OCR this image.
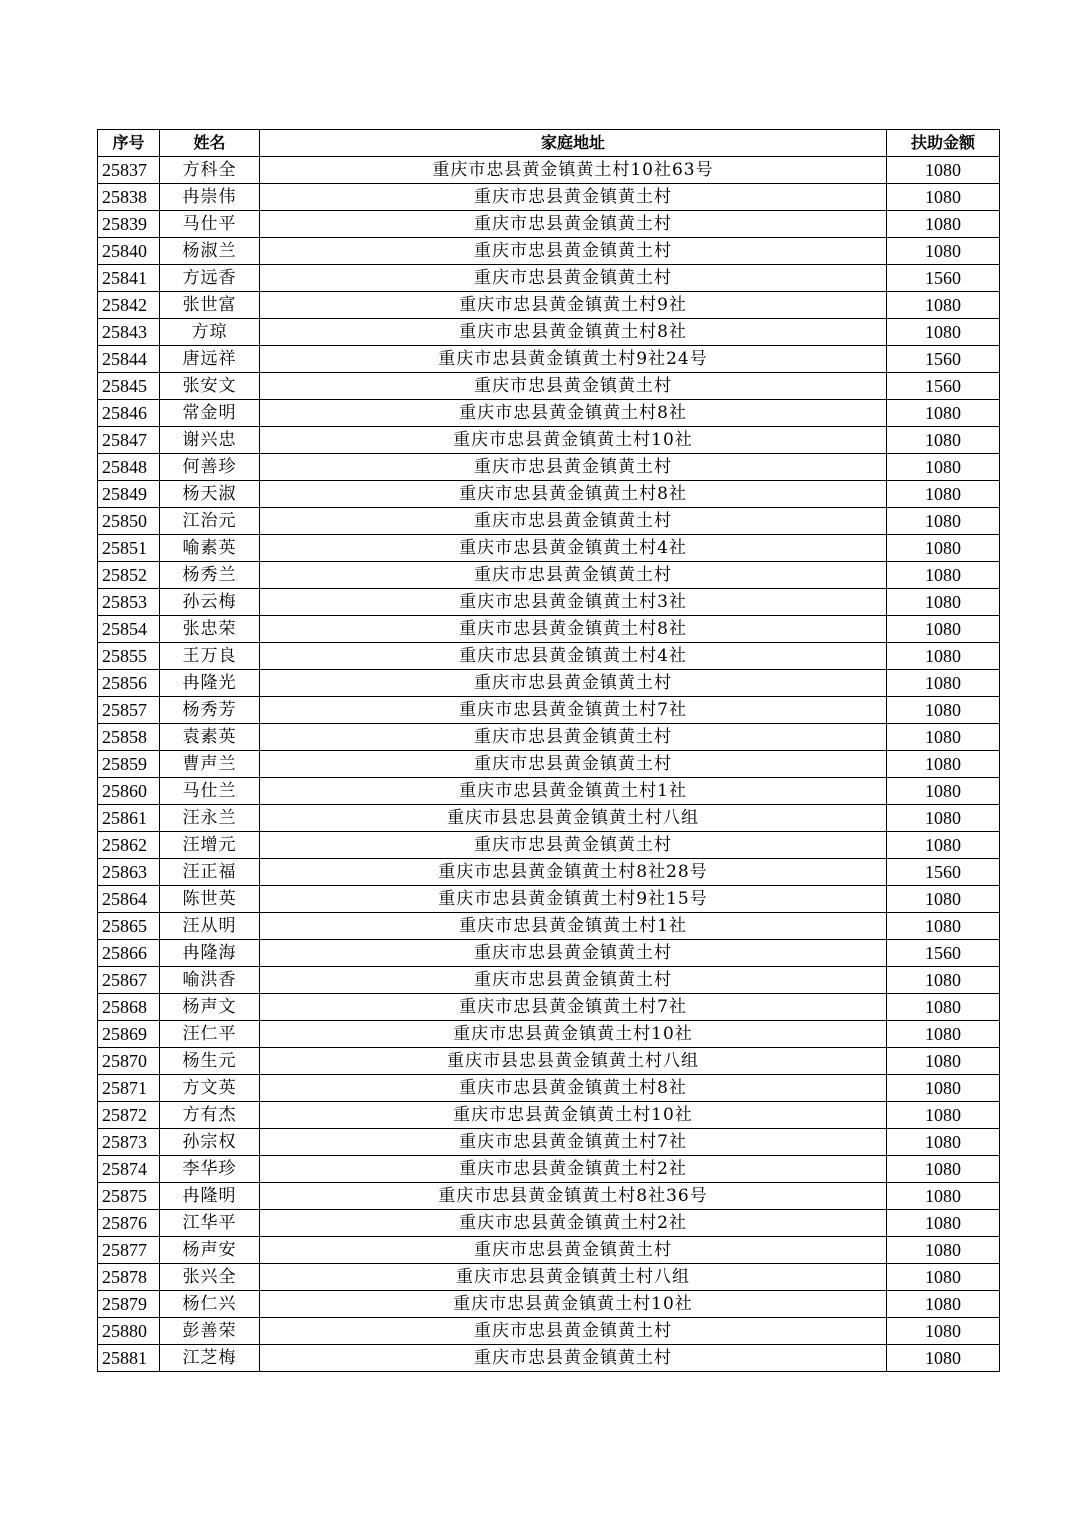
序号	姓名	家庭地址	扶助金额
25837	方科全	重庆市忠县黄金镇黄土村10社63号	1080
25838	冉崇伟	重庆市忠县黄金镇黄土村	1080
25839	马仕平	重庆市忠县黄金镇黄土村	1080
25840	杨淑兰	重庆市忠县黄金镇黄土村	1080
25841	方远香	重庆市忠县黄金镇黄土村	1560
25842	张世富	重庆市忠县黄金镇黄土村9社	1080
25843	方琼	重庆市忠县黄金镇黄土村8社	1080
25844	唐远祥	重庆市忠县黄金镇黄土村9社24号	1560
25845	张安文	重庆市忠县黄金镇黄土村	1560
25846	常金明	重庆市忠县黄金镇黄土村8社	1080
25847	谢兴忠	重庆市忠县黄金镇黄土村10社	1080
25848	何善珍	重庆市忠县黄金镇黄土村	1080
25849	杨天淑	重庆市忠县黄金镇黄土村8社	1080
25850	江治元	重庆市忠县黄金镇黄土村	1080
25851	喻素英	重庆市忠县黄金镇黄土村4社	1080
25852	杨秀兰	重庆市忠县黄金镇黄土村	1080
25853	孙云梅	重庆市忠县黄金镇黄土村3社	1080
25854	张忠荣	重庆市忠县黄金镇黄土村8社	1080
25855	王万良	重庆市忠县黄金镇黄土村4社	1080
25856	冉隆光	重庆市忠县黄金镇黄土村	1080
25857	杨秀芳	重庆市忠县黄金镇黄土村7社	1080
25858	袁素英	重庆市忠县黄金镇黄土村	1080
25859	曹声兰	重庆市忠县黄金镇黄土村	1080
25860	马仕兰	重庆市忠县黄金镇黄土村1社	1080
25861	汪永兰	重庆市县忠县黄金镇黄土村八组	1080
25862	汪增元	重庆市忠县黄金镇黄土村	1080
25863	汪正福	重庆市忠县黄金镇黄土村8社28号	1560
25864	陈世英	重庆市忠县黄金镇黄土村9社15号	1080
25865	汪从明	重庆市忠县黄金镇黄土村1社	1080
25866	冉隆海	重庆市忠县黄金镇黄土村	1560
25867	喻洪香	重庆市忠县黄金镇黄土村	1080
25868	杨声文	重庆市忠县黄金镇黄土村7社	1080
25869	汪仁平	重庆市忠县黄金镇黄土村10社	1080
25870	杨生元	重庆市县忠县黄金镇黄土村八组	1080
25871	方文英	重庆市忠县黄金镇黄土村8社	1080
25872	方有杰	重庆市忠县黄金镇黄土村10社	1080
25873	孙宗权	重庆市忠县黄金镇黄土村7社	1080
25874	李华珍	重庆市忠县黄金镇黄土村2社	1080
25875	冉隆明	重庆市忠县黄金镇黄土村8社36号	1080
25876	江华平	重庆市忠县黄金镇黄土村2社	1080
25877	杨声安	重庆市忠县黄金镇黄土村	1080
25878	张兴全	重庆市忠县黄金镇黄土村八组	1080
25879	杨仁兴	重庆市忠县黄金镇黄土村10社	1080
25880	彭善荣	重庆市忠县黄金镇黄土村	1080
25881	江芝梅	重庆市忠县黄金镇黄土村	1080
